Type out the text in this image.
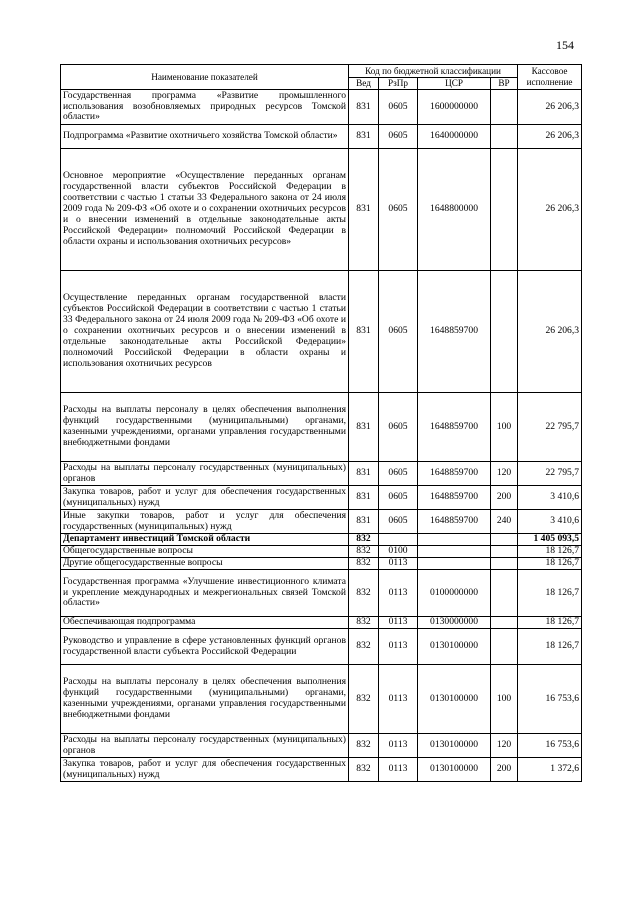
154
Наименование показателей	Код по бюджетной классификации				Кассовое исполнение
	Вед	РзПр	ЦСР	ВР	
Государственная программа «Развитие промышленного использования возобновляемых природных ресурсов Томской области»	831	0605	1600000000		26 206,3
Подпрограмма «Развитие охотничьего хозяйства Томской области»	831	0605	1640000000		26 206,3
Основное мероприятие «Осуществление переданных органам государственной власти субъектов Российской Федерации в соответствии с частью 1 статьи 33 Федерального закона от 24 июля 2009 года № 209-ФЗ «Об охоте и о сохранении охотничьих ресурсов и о внесении изменений в отдельные законодательные акты Российской Федерации» полномочий Российской Федерации в области охраны и использования охотничьих ресурсов»	831	0605	1648800000		26 206,3
Осуществление переданных органам государственной власти субъектов Российской Федерации в соответствии с частью 1 статьи 33 Федерального закона от 24 июля 2009 года № 209-ФЗ «Об охоте и о сохранении охотничьих ресурсов и о внесении изменений в отдельные законодательные акты Российской Федерации» полномочий Российской Федерации в области охраны и использования охотничьих ресурсов	831	0605	1648859700		26 206,3
Расходы на выплаты персоналу в целях обеспечения выполнения функций государственными (муниципальными) органами, казенными учреждениями, органами управления государственными внебюджетными фондами	831	0605	1648859700	100	22 795,7
Расходы на выплаты персоналу государственных (муниципальных) органов	831	0605	1648859700	120	22 795,7
Закупка товаров, работ и услуг для обеспечения государственных (муниципальных) нужд	831	0605	1648859700	200	3 410,6
Иные закупки товаров, работ и услуг для обеспечения государственных (муниципальных) нужд	831	0605	1648859700	240	3 410,6
Департамент инвестиций Томской области	832				1 405 093,5
Общегосударственные вопросы	832	0100			18 126,7
Другие общегосударственные вопросы	832	0113			18 126,7
Государственная программа «Улучшение инвестиционного климата и укрепление международных и межрегиональных связей Томской области»	832	0113	0100000000		18 126,7
Обеспечивающая подпрограмма	832	0113	0130000000		18 126,7
Руководство и управление в сфере установленных функций органов государственной власти субъекта Российской Федерации	832	0113	0130100000		18 126,7
Расходы на выплаты персоналу в целях обеспечения выполнения функций государственными (муниципальными) органами, казенными учреждениями, органами управления государственными внебюджетными фондами	832	0113	0130100000	100	16 753,6
Расходы на выплаты персоналу государственных (муниципальных) органов	832	0113	0130100000	120	16 753,6
Закупка товаров, работ и услуг для обеспечения государственных (муниципальных) нужд	832	0113	0130100000	200	1 372,6
